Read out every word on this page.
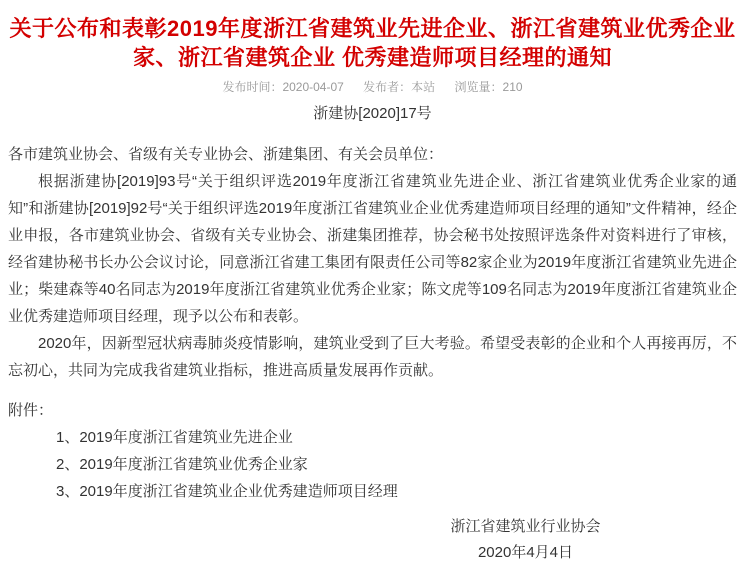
关于公布和表彰2019年度浙江省建筑业先进企业、浙江省建筑业优秀企业家、浙江省建筑企业 优秀建造师项目经理的通知
发布时间：2020-04-07 发布者：本站 浏览量：210
浙建协[2020]17号

各市建筑业协会、省级有关专业协会、浙建集团、有关会员单位：

根据浙建协[2019]93号“关于组织评选2019年度浙江省建筑业先进企业、浙江省建筑业优秀企业家的通知”和浙建协[2019]92号“关于组织评选2019年度浙江省建筑业企业优秀建造师项目经理的通知”文件精神，经企业申报，各市建筑业协会、省级有关专业协会、浙建集团推荐，协会秘书处按照评选条件对资料进行了审核，经省建协秘书长办公会议讨论，同意浙江省建工集团有限责任公司等82家企业为2019年度浙江省建筑业先进企业；柴建森等40名同志为2019年度浙江省建筑业优秀企业家；陈文虎等109名同志为2019年度浙江省建筑业企业优秀建造师项目经理，现予以公布和表彰。

2020年，因新型冠状病毒肺炎疫情影响，建筑业受到了巨大考验。希望受表彰的企业和个人再接再厉，不忘初心，共同为完成我省建筑业指标，推进高质量发展再作贡献。

附件：
1、2019年度浙江省建筑业先进企业
2、2019年度浙江省建筑业优秀企业家
3、2019年度浙江省建筑业企业优秀建造师项目经理
浙江省建筑业行业协会
2020年4月4日
